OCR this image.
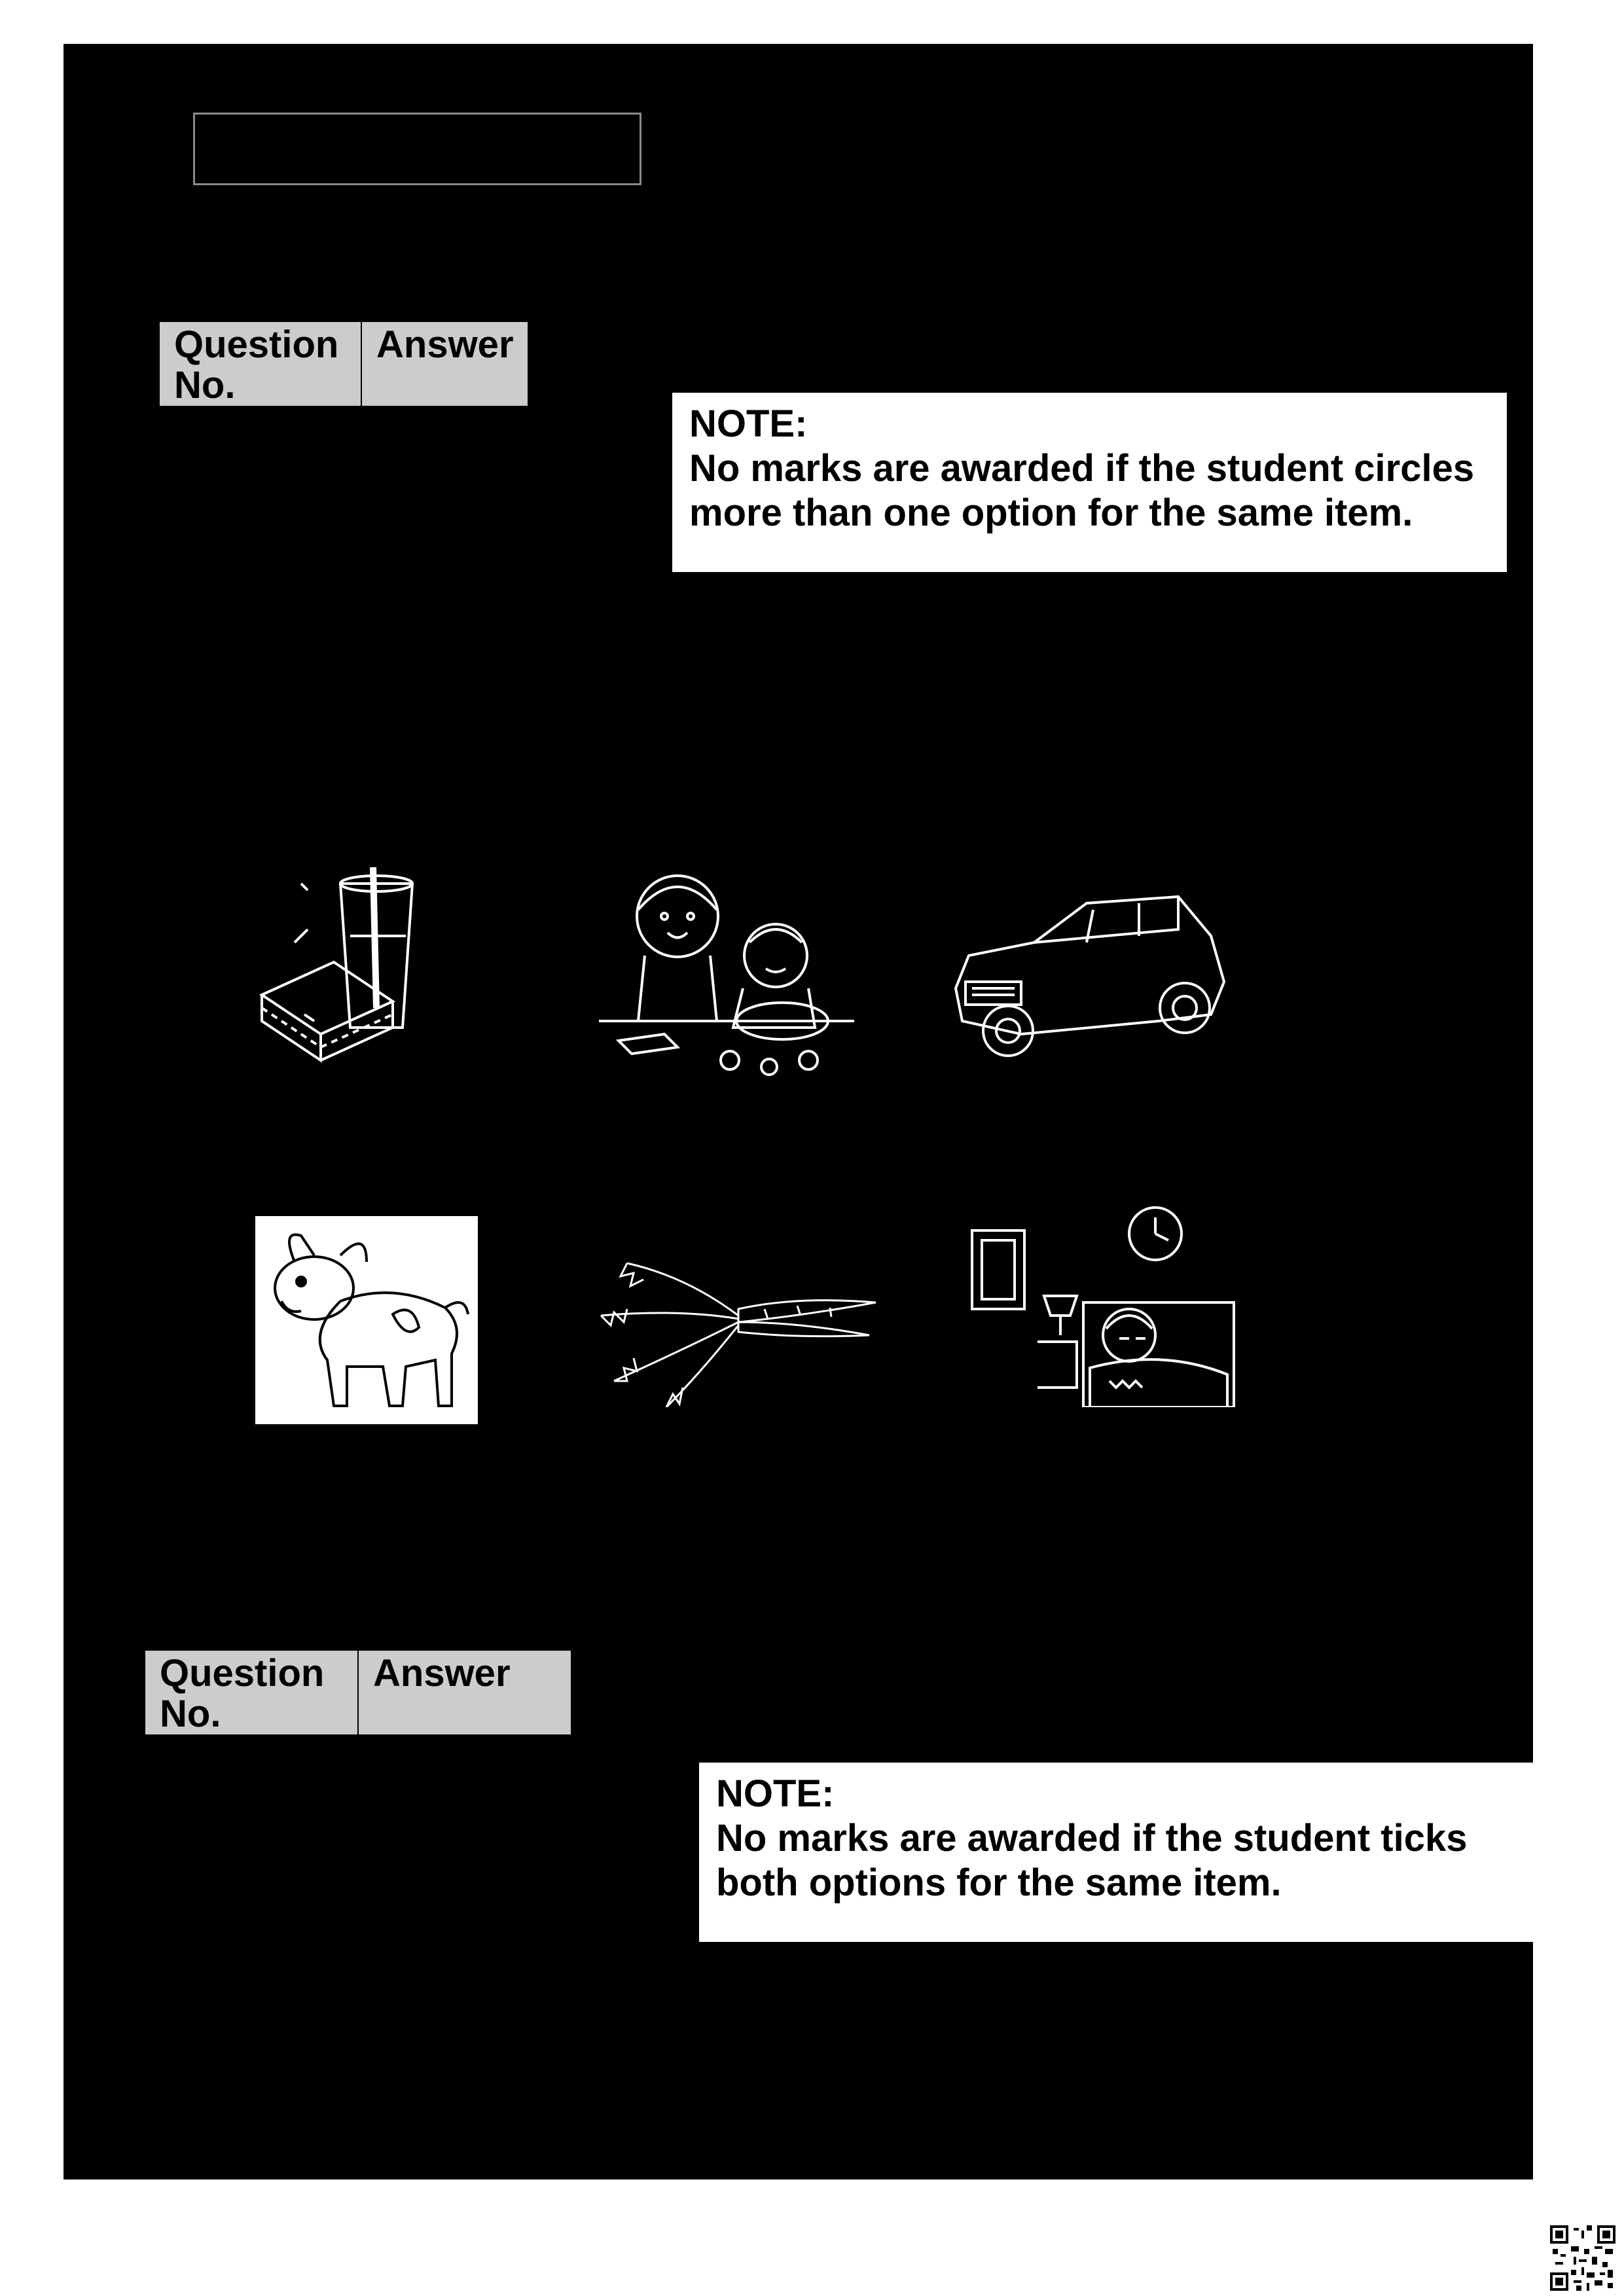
Question No.	Answer
NOTE:
No marks are awarded if the student circles more than one option for the same item.
Question No.	Answer
NOTE:
No marks are awarded if the student ticks both options for the same item.
